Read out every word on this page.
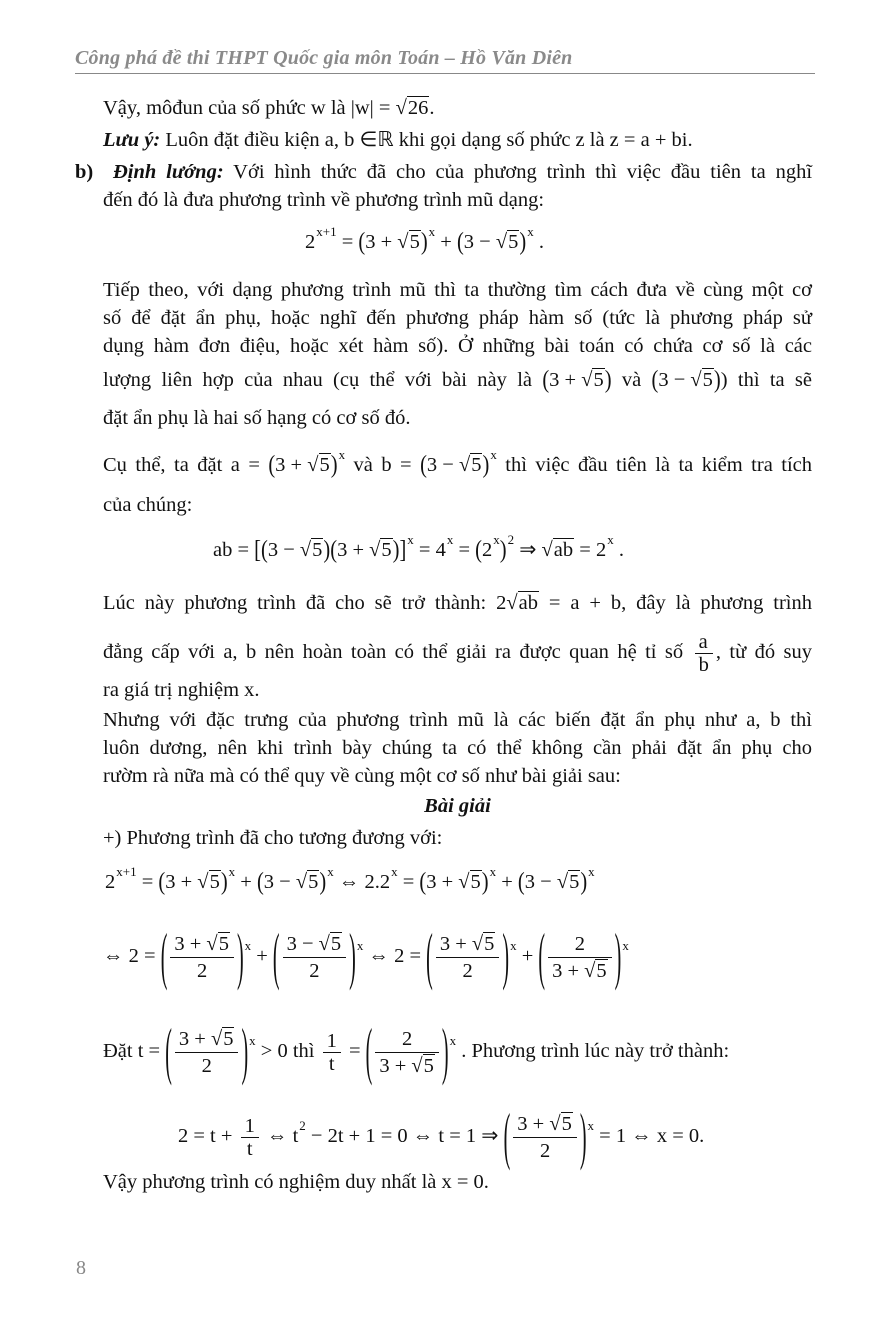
Công phá đề thi THPT Quốc gia môn Toán – Hồ Văn Diên
Vậy, môđun của số phức w là |w| = √26.
Lưu ý: Luôn đặt điều kiện a, b ∈ℝ khi gọi dạng số phức z là z = a + bi.
b) Định lướng: Với hình thức đã cho của phương trình thì việc đầu tiên ta nghĩ
đến đó là đưa phương trình về phương trình mũ dạng:
$2^{x+1} = (3 + √5)^x + (3 - √5)^x$ .
Tiếp theo, với dạng phương trình mũ thì ta thường tìm cách đưa về cùng một cơ
số để đặt ẩn phụ, hoặc nghĩ đến phương pháp hàm số (tức là phương pháp sử
dụng hàm đơn điệu, hoặc xét hàm số). Ở những bài toán có chứa cơ số là các
lượng liên hợp của nhau (cụ thể với bài này là (3 + √5) và (3 − √5)) thì ta sẽ
đặt ẩn phụ là hai số hạng có cơ số đó.
Cụ thể, ta đặt $a = (3 + √5)^x$ và $b = (3 - √5)^x$ thì việc đầu tiên là ta kiểm tra tích
của chúng:
ab = $[(3 - √5)(3 + √5)]^x = 4^x = (2^x)^2$ ⇒ $√ab = 2^x$ .
Lúc này phương trình đã cho sẽ trở thành: 2√ab = a + b, đây là phương trình
đẳng cấp với a, b nên hoàn toàn có thể giải ra được quan hệ tỉ số $\frac{a}{b}$ , từ đó suy
ra giá trị nghiệm x.
Nhưng với đặc trưng của phương trình mũ là các biến đặt ẩn phụ như a, b thì
luôn dương, nên khi trình bày chúng ta có thể không cần phải đặt ẩn phụ cho
rườm rà nữa mà có thể quy về cùng một cơ số như bài giải sau:
Bài giải
+) Phương trình đã cho tương đương với:
$2^{x+1} = (3 + √5)^x + (3 - √5)^x$ ⇔ $2.2^x = (3 + √5)^x + (3 - √5)^x$
⇔ 2 = ( $\frac{3 + √5}{2} )^x$ + ( $\frac{3 - √5}{2} )^x$ ⇔ 2 = ( $\frac{3 + √5}{2} )^x$ + ( $\frac{2}{3 + √5} )^x$
Đặt t = ( $\frac{3 + √5}{2} )^x > 0$ thì $\frac{1}{t}$ = ( $\frac{2}{3 + √5} )^x$ . Phương trình lúc này trở thành:
$2 = t + \frac{1}{t}$ ⇔ $t^2 - 2t + 1 = 0$ ⇔ t = 1 ⇒ ( $\frac{3 + √5}{2} )^x = 1$ ⇔ x = 0.
Vậy phương trình có nghiệm duy nhất là x = 0.
8
